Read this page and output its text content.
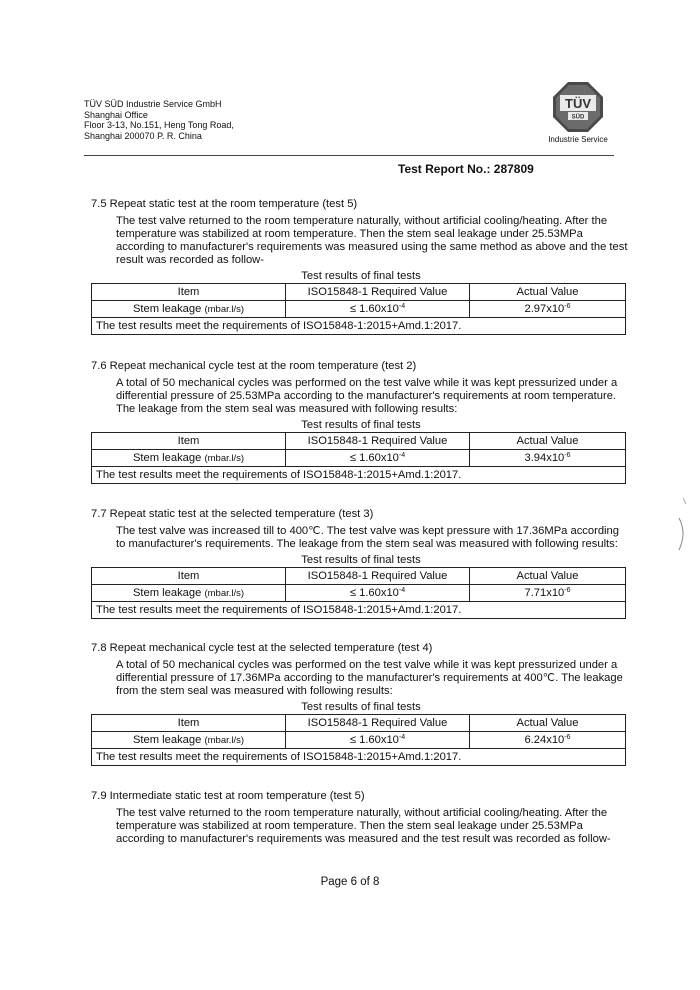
TÜV SÜD Industrie Service GmbH
Shanghai Office
Floor 3-13, No.151, Heng Tong Road,
Shanghai 200070 P. R. China
TÜV
SÜD
Industrie Service
Test Report No.: 287809
7.5 Repeat static test at the room temperature (test 5)
The test valve returned to the room temperature naturally, without artificial cooling/heating. After the temperature was stabilized at room temperature. Then the stem seal leakage under 25.53MPa according to manufacturer's requirements was measured using the same method as above and the test result was recorded as follow-
Test results of final tests
Item	ISO15848-1 Required Value	Actual Value
Stem leakage (mbar.l/s)	≤ $1.60x10^{-4}$	$2.97x10^{-6}$
The test results meet the requirements of ISO15848-1:2015+Amd.1:2017.		
7.6 Repeat mechanical cycle test at the room temperature (test 2)
A total of 50 mechanical cycles was performed on the test valve while it was kept pressurized under a differential pressure of 25.53MPa according to the manufacturer's requirements at room temperature. The leakage from the stem seal was measured with following results:
Test results of final tests
Item	ISO15848-1 Required Value	Actual Value
Stem leakage (mbar.l/s)	≤ $1.60x10^{-4}$	$3.94x10^{-6}$
The test results meet the requirements of ISO15848-1:2015+Amd.1:2017.		
7.7 Repeat static test at the selected temperature (test 3)
The test valve was increased till to 400℃. The test valve was kept pressure with 17.36MPa according to manufacturer's requirements. The leakage from the stem seal was measured with following results:
Test results of final tests
Item	ISO15848-1 Required Value	Actual Value
Stem leakage (mbar.l/s)	≤ $1.60x10^{-4}$	$7.71x10^{-6}$
The test results meet the requirements of ISO15848-1:2015+Amd.1:2017.		
7.8 Repeat mechanical cycle test at the selected temperature (test 4)
A total of 50 mechanical cycles was performed on the test valve while it was kept pressurized under a differential pressure of 17.36MPa according to the manufacturer's requirements at 400℃. The leakage from the stem seal was measured with following results:
Test results of final tests
Item	ISO15848-1 Required Value	Actual Value
Stem leakage (mbar.l/s)	≤ $1.60x10^{-4}$	$6.24x10^{-6}$
The test results meet the requirements of ISO15848-1:2015+Amd.1:2017.		
7.9 Intermediate static test at room temperature (test 5)
The test valve returned to the room temperature naturally, without artificial cooling/heating. After the temperature was stabilized at room temperature. Then the stem seal leakage under 25.53MPa according to manufacturer's requirements was measured and the test result was recorded as follow-
Page 6 of 8
